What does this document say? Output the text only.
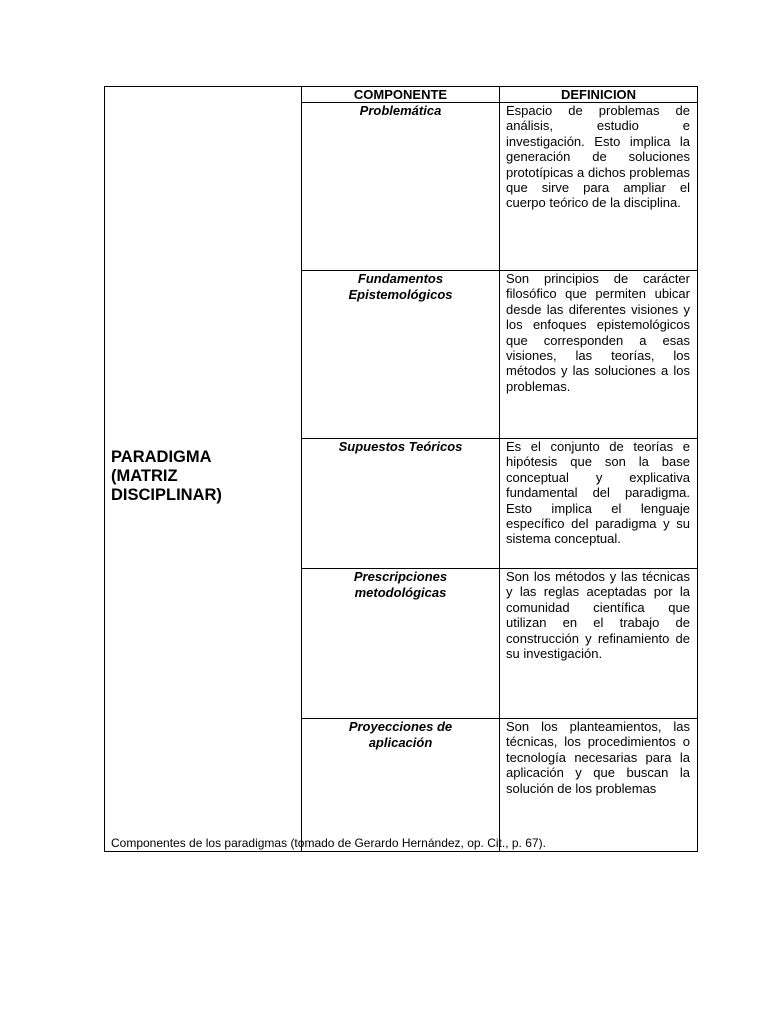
PARADIGMA
(MATRIZ
DISCIPLINAR)	COMPONENTE	DEFINICION

	Problemática	Espacio de problemas de análisis, estudio e investigación. Esto implica la generación de soluciones prototípicas a dichos problemas que sirve para ampliar el cuerpo teórico de la disciplina.

	Fundamentos
Epistemológicos	Son principios de carácter filosófico que permiten ubicar desde las diferentes visiones y los enfoques epistemológicos que corresponden a esas visiones, las teorías, los métodos y las soluciones a los problemas.

	Supuestos Teóricos	Es el conjunto de teorías e hipótesis que son la base conceptual y explicativa fundamental del paradigma. Esto implica el lenguaje específico del paradigma y su sistema conceptual.

	Prescripciones
metodológicas	Son los métodos y las técnicas y las reglas aceptadas por la comunidad científica que utilizan en el trabajo de construcción y refinamiento de su investigación.

	Proyecciones de
aplicación	Son los planteamientos, las técnicas, los procedimientos o tecnología necesarias para la aplicación y que buscan la solución de los problemas
Componentes de los paradigmas (tomado de Gerardo Hernández, op. Cit., p. 67).
